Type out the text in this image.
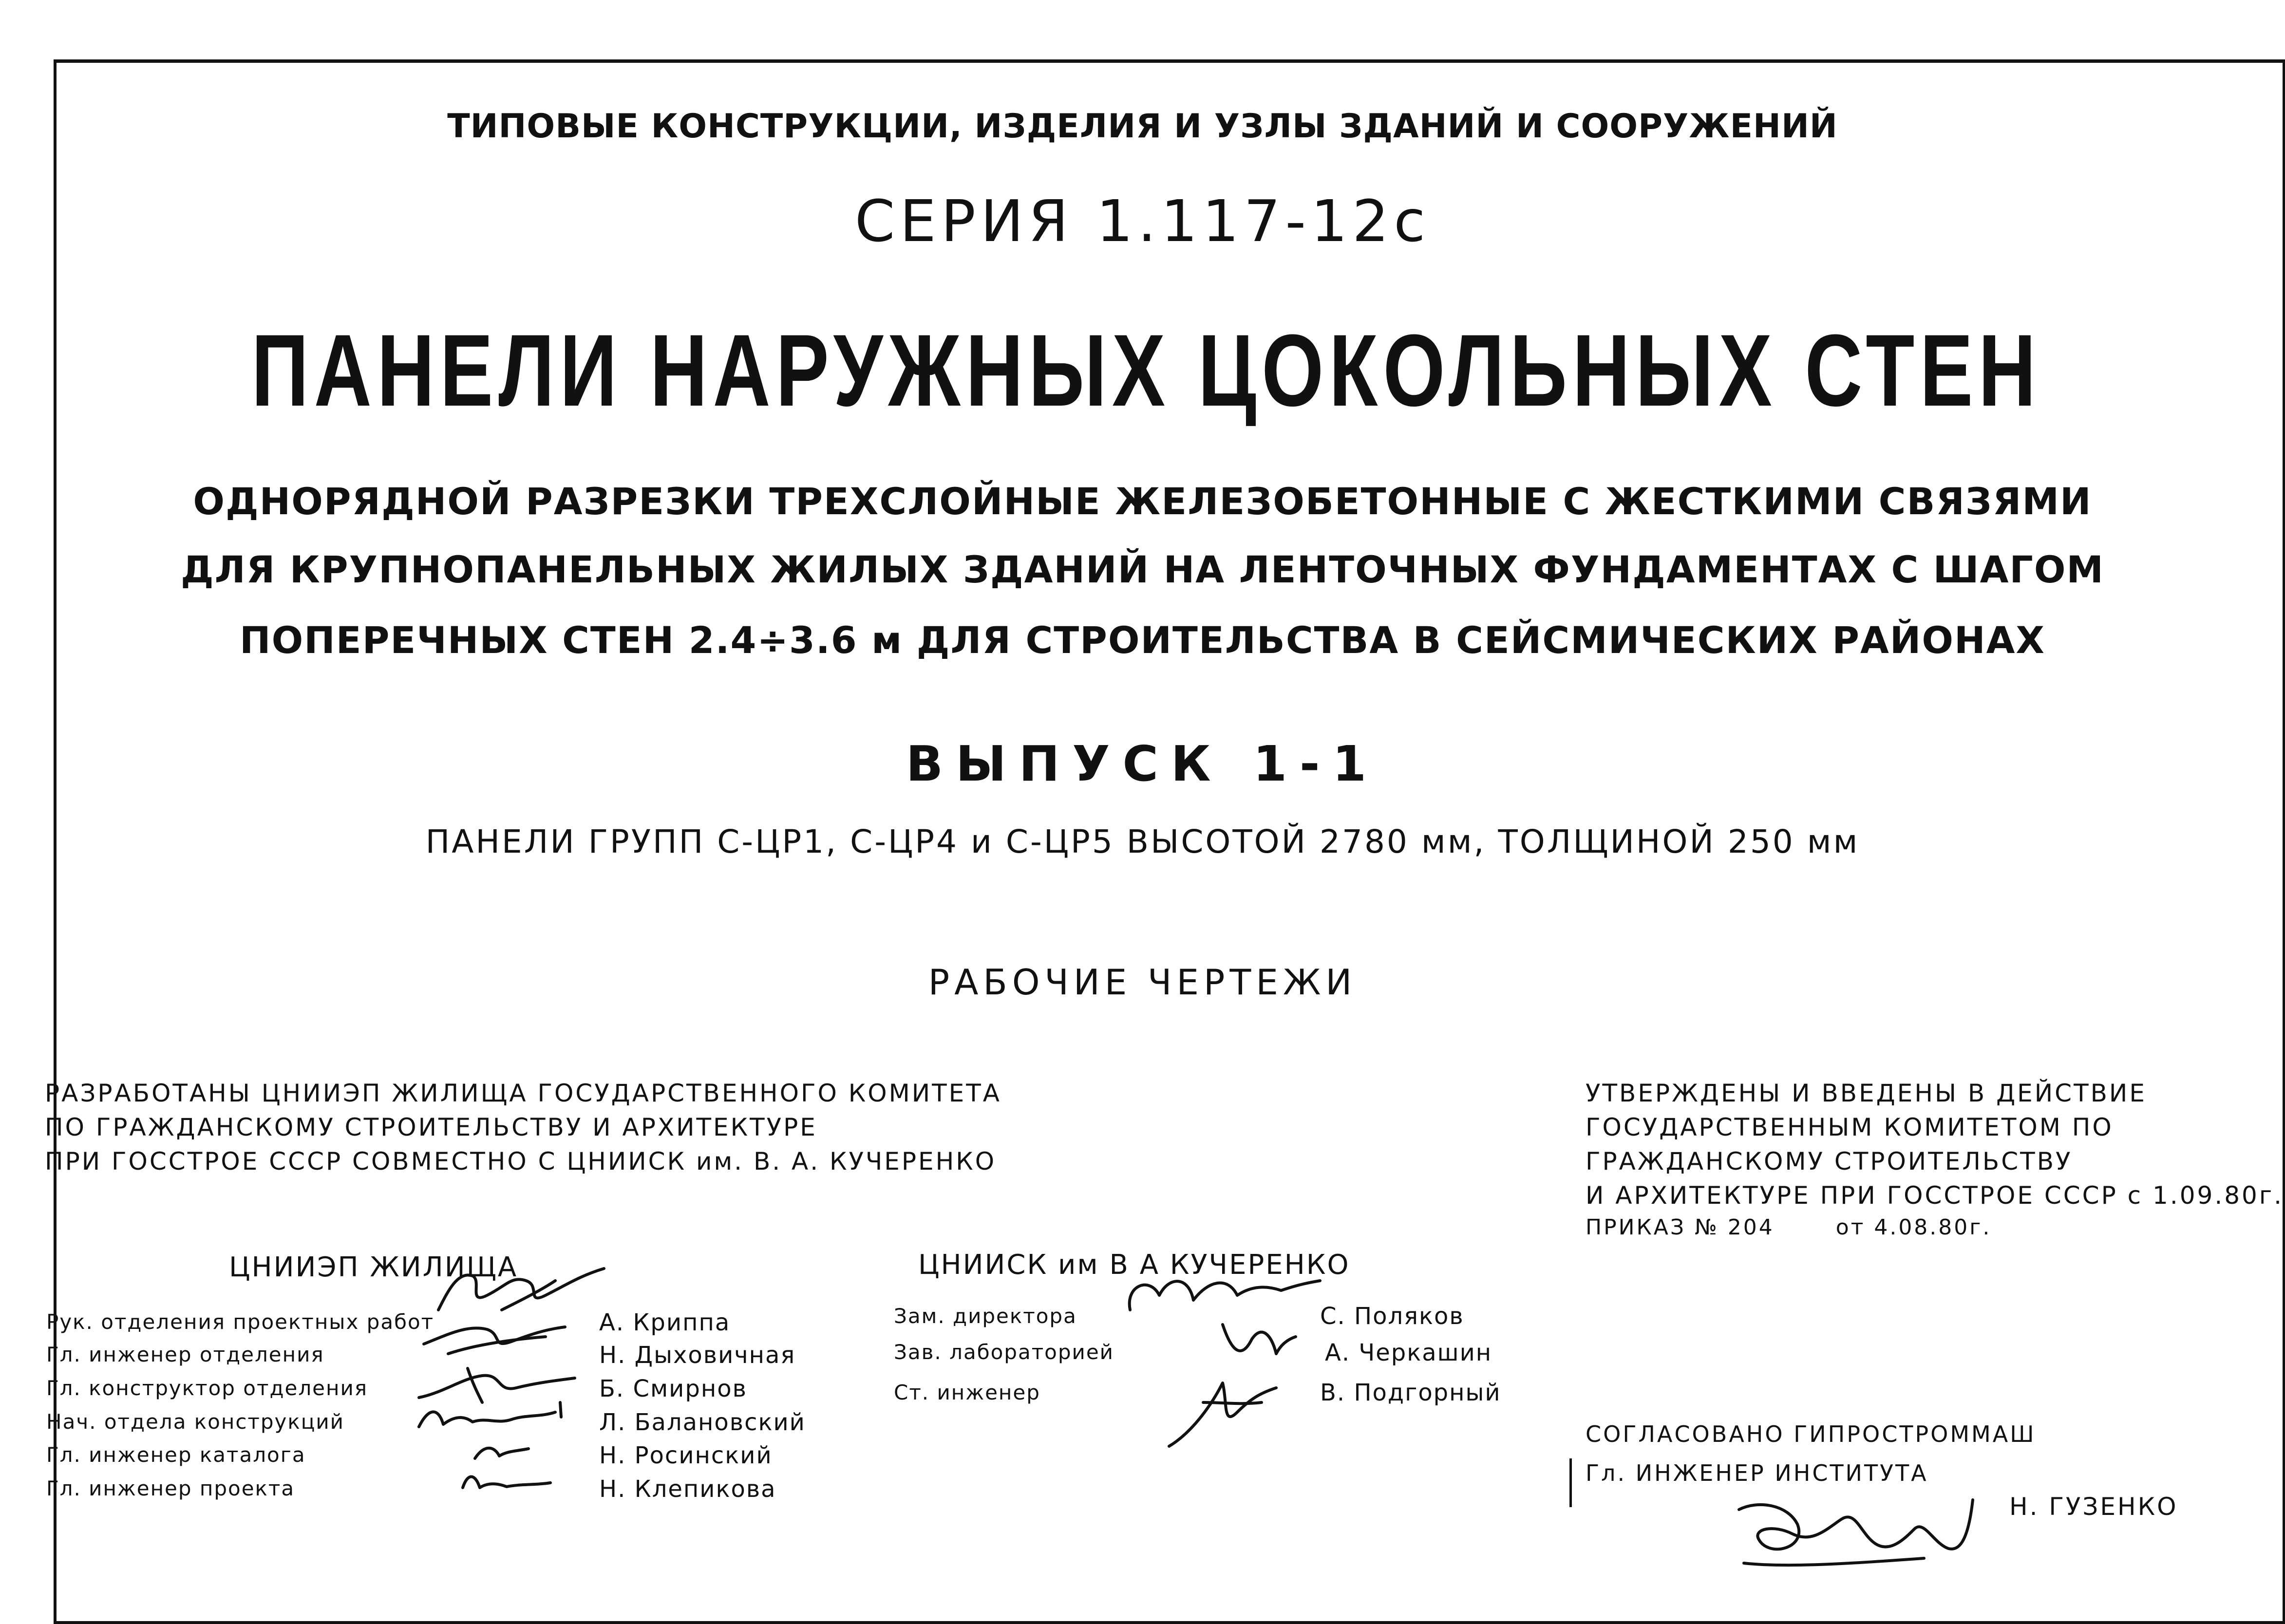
ТИПОВЫЕ КОНСТРУКЦИИ, ИЗДЕЛИЯ И УЗЛЫ ЗДАНИЙ И СООРУЖЕНИЙ
СЕРИЯ 1.117-12с
ПАНЕЛИ НАРУЖНЫХ ЦОКОЛЬНЫХ СТЕН
ОДНОРЯДНОЙ РАЗРЕЗКИ ТРЕХСЛОЙНЫЕ ЖЕЛЕЗОБЕТОННЫЕ С ЖЕСТКИМИ СВЯЗЯМИ
ДЛЯ КРУПНОПАНЕЛЬНЫХ ЖИЛЫХ ЗДАНИЙ НА ЛЕНТОЧНЫХ ФУНДАМЕНТАХ С ШАГОМ
ПОПЕРЕЧНЫХ СТЕН 2.4÷3.6 м ДЛЯ СТРОИТЕЛЬСТВА В СЕЙСМИЧЕСКИХ РАЙОНАХ
ВЫПУСК 1-1
ПАНЕЛИ ГРУПП С-ЦР1, С-ЦР4 и С-ЦР5 ВЫСОТОЙ 2780 мм, ТОЛЩИНОЙ 250 мм
РАБОЧИЕ ЧЕРТЕЖИ
РАЗРАБОТАНЫ ЦНИИЭП ЖИЛИЩА ГОСУДАРСТВЕННОГО КОМИТЕТА
ПО ГРАЖДАНСКОМУ СТРОИТЕЛЬСТВУ И АРХИТЕКТУРЕ
ПРИ ГОССТРОЕ СССР СОВМЕСТНО С ЦНИИСК им. В. А. КУЧЕРЕНКО
УТВЕРЖДЕНЫ И ВВЕДЕНЫ В ДЕЙСТВИЕ
ГОСУДАРСТВЕННЫМ КОМИТЕТОМ ПО
ГРАЖДАНСКОМУ СТРОИТЕЛЬСТВУ
И АРХИТЕКТУРЕ ПРИ ГОССТРОЕ СССР с 1.09.80г.
ПРИКАЗ № 204	от 4.08.80г.
ЦНИИЭП ЖИЛИЩА
Рук. отделения проектных работ	А. Криппа
Гл. инженер отделения	Н. Дыховичная
Гл. конструктор отделения	Б. Смирнов
Нач. отдела конструкций	Л. Балановский
Гл. инженер каталога	Н. Росинский
Гл. инженер проекта	Н. Клепикова
ЦНИИСК им В А КУЧЕРЕНКО
Зам. директора	С. Поляков
Зав. лабораторией	А. Черкашин
Ст. инженер	В. Подгорный
СОГЛАСОВАНО ГИПРОСТРОММАШ
Гл. ИНЖЕНЕР ИНСТИТУТА
Н. ГУЗЕНКО
